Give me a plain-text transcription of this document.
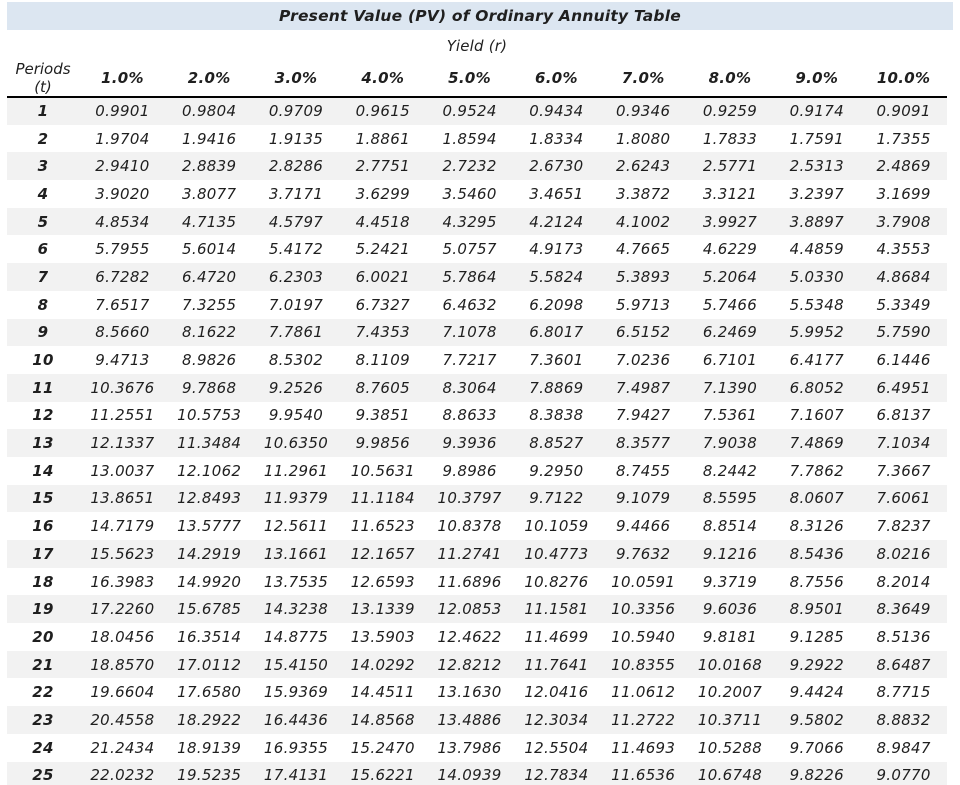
Present Value (PV) of Ordinary Annuity Table
Yield (r)										
Periods (t)	1.0%	2.0%	3.0%	4.0%	5.0%	6.0%	7.0%	8.0%	9.0%	10.0%
1	0.9901	0.9804	0.9709	0.9615	0.9524	0.9434	0.9346	0.9259	0.9174	0.9091
2	1.9704	1.9416	1.9135	1.8861	1.8594	1.8334	1.8080	1.7833	1.7591	1.7355
3	2.9410	2.8839	2.8286	2.7751	2.7232	2.6730	2.6243	2.5771	2.5313	2.4869
4	3.9020	3.8077	3.7171	3.6299	3.5460	3.4651	3.3872	3.3121	3.2397	3.1699
5	4.8534	4.7135	4.5797	4.4518	4.3295	4.2124	4.1002	3.9927	3.8897	3.7908
6	5.7955	5.6014	5.4172	5.2421	5.0757	4.9173	4.7665	4.6229	4.4859	4.3553
7	6.7282	6.4720	6.2303	6.0021	5.7864	5.5824	5.3893	5.2064	5.0330	4.8684
8	7.6517	7.3255	7.0197	6.7327	6.4632	6.2098	5.9713	5.7466	5.5348	5.3349
9	8.5660	8.1622	7.7861	7.4353	7.1078	6.8017	6.5152	6.2469	5.9952	5.7590
10	9.4713	8.9826	8.5302	8.1109	7.7217	7.3601	7.0236	6.7101	6.4177	6.1446
11	10.3676	9.7868	9.2526	8.7605	8.3064	7.8869	7.4987	7.1390	6.8052	6.4951
12	11.2551	10.5753	9.9540	9.3851	8.8633	8.3838	7.9427	7.5361	7.1607	6.8137
13	12.1337	11.3484	10.6350	9.9856	9.3936	8.8527	8.3577	7.9038	7.4869	7.1034
14	13.0037	12.1062	11.2961	10.5631	9.8986	9.2950	8.7455	8.2442	7.7862	7.3667
15	13.8651	12.8493	11.9379	11.1184	10.3797	9.7122	9.1079	8.5595	8.0607	7.6061
16	14.7179	13.5777	12.5611	11.6523	10.8378	10.1059	9.4466	8.8514	8.3126	7.8237
17	15.5623	14.2919	13.1661	12.1657	11.2741	10.4773	9.7632	9.1216	8.5436	8.0216
18	16.3983	14.9920	13.7535	12.6593	11.6896	10.8276	10.0591	9.3719	8.7556	8.2014
19	17.2260	15.6785	14.3238	13.1339	12.0853	11.1581	10.3356	9.6036	8.9501	8.3649
20	18.0456	16.3514	14.8775	13.5903	12.4622	11.4699	10.5940	9.8181	9.1285	8.5136
21	18.8570	17.0112	15.4150	14.0292	12.8212	11.7641	10.8355	10.0168	9.2922	8.6487
22	19.6604	17.6580	15.9369	14.4511	13.1630	12.0416	11.0612	10.2007	9.4424	8.7715
23	20.4558	18.2922	16.4436	14.8568	13.4886	12.3034	11.2722	10.3711	9.5802	8.8832
24	21.2434	18.9139	16.9355	15.2470	13.7986	12.5504	11.4693	10.5288	9.7066	8.9847
25	22.0232	19.5235	17.4131	15.6221	14.0939	12.7834	11.6536	10.6748	9.8226	9.0770
